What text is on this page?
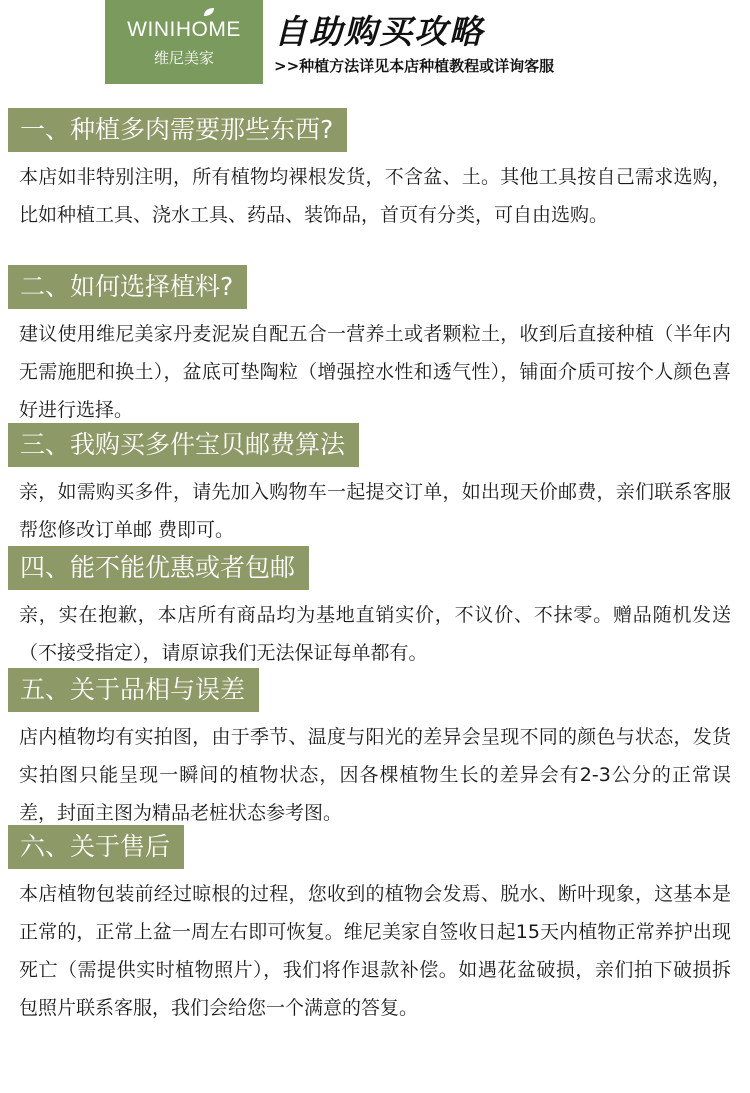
WINIHOME
维尼美家
自助购买攻略
>>种植方法详见本店种植教程或详询客服
一、种植多肉需要那些东西?

本店如非特别注明，所有植物均裸根发货，不含盆、土。其他工具按自己需求选购，比如种植工具、浇水工具、药品、装饰品，首页有分类，可自由选购。

二、如何选择植料?

建议使用维尼美家丹麦泥炭自配五合一营养土或者颗粒土，收到后直接种植（半年内无需施肥和换土），盆底可垫陶粒（增强控水性和透气性），铺面介质可按个人颜色喜好进行选择。

三、我购买多件宝贝邮费算法

亲，如需购买多件，请先加入购物车一起提交订单，如出现天价邮费，亲们联系客服帮您修改订单邮 费即可。

四、能不能优惠或者包邮

亲，实在抱歉，本店所有商品均为基地直销实价，不议价、不抹零。赠品随机发送（不接受指定），请原谅我们无法保证每单都有。

五、关于品相与误差

店内植物均有实拍图，由于季节、温度与阳光的差异会呈现不同的颜色与状态，发货实拍图只能呈现一瞬间的植物状态，因各棵植物生长的差异会有2-3公分的正常误差，封面主图为精品老桩状态参考图。

六、关于售后

本店植物包装前经过晾根的过程，您收到的植物会发焉、脱水、断叶现象，这基本是正常的，正常上盆一周左右即可恢复。维尼美家自签收日起15天内植物正常养护出现死亡（需提供实时植物照片），我们将作退款补偿。如遇花盆破损，亲们拍下破损拆包照片联系客服，我们会给您一个满意的答复。
